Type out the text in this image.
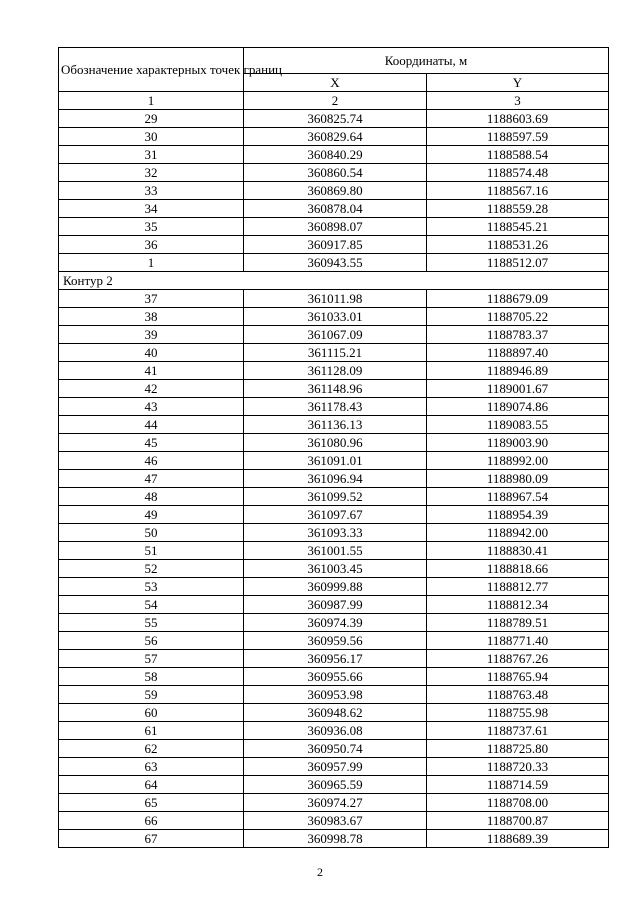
Обозначение характерных точек границ	Координаты, м	
	X	Y
1	2	3
29	360825.74	1188603.69
30	360829.64	1188597.59
31	360840.29	1188588.54
32	360860.54	1188574.48
33	360869.80	1188567.16
34	360878.04	1188559.28
35	360898.07	1188545.21
36	360917.85	1188531.26
1	360943.55	1188512.07
Контур 2		
37	361011.98	1188679.09
38	361033.01	1188705.22
39	361067.09	1188783.37
40	361115.21	1188897.40
41	361128.09	1188946.89
42	361148.96	1189001.67
43	361178.43	1189074.86
44	361136.13	1189083.55
45	361080.96	1189003.90
46	361091.01	1188992.00
47	361096.94	1188980.09
48	361099.52	1188967.54
49	361097.67	1188954.39
50	361093.33	1188942.00
51	361001.55	1188830.41
52	361003.45	1188818.66
53	360999.88	1188812.77
54	360987.99	1188812.34
55	360974.39	1188789.51
56	360959.56	1188771.40
57	360956.17	1188767.26
58	360955.66	1188765.94
59	360953.98	1188763.48
60	360948.62	1188755.98
61	360936.08	1188737.61
62	360950.74	1188725.80
63	360957.99	1188720.33
64	360965.59	1188714.59
65	360974.27	1188708.00
66	360983.67	1188700.87
67	360998.78	1188689.39
2
